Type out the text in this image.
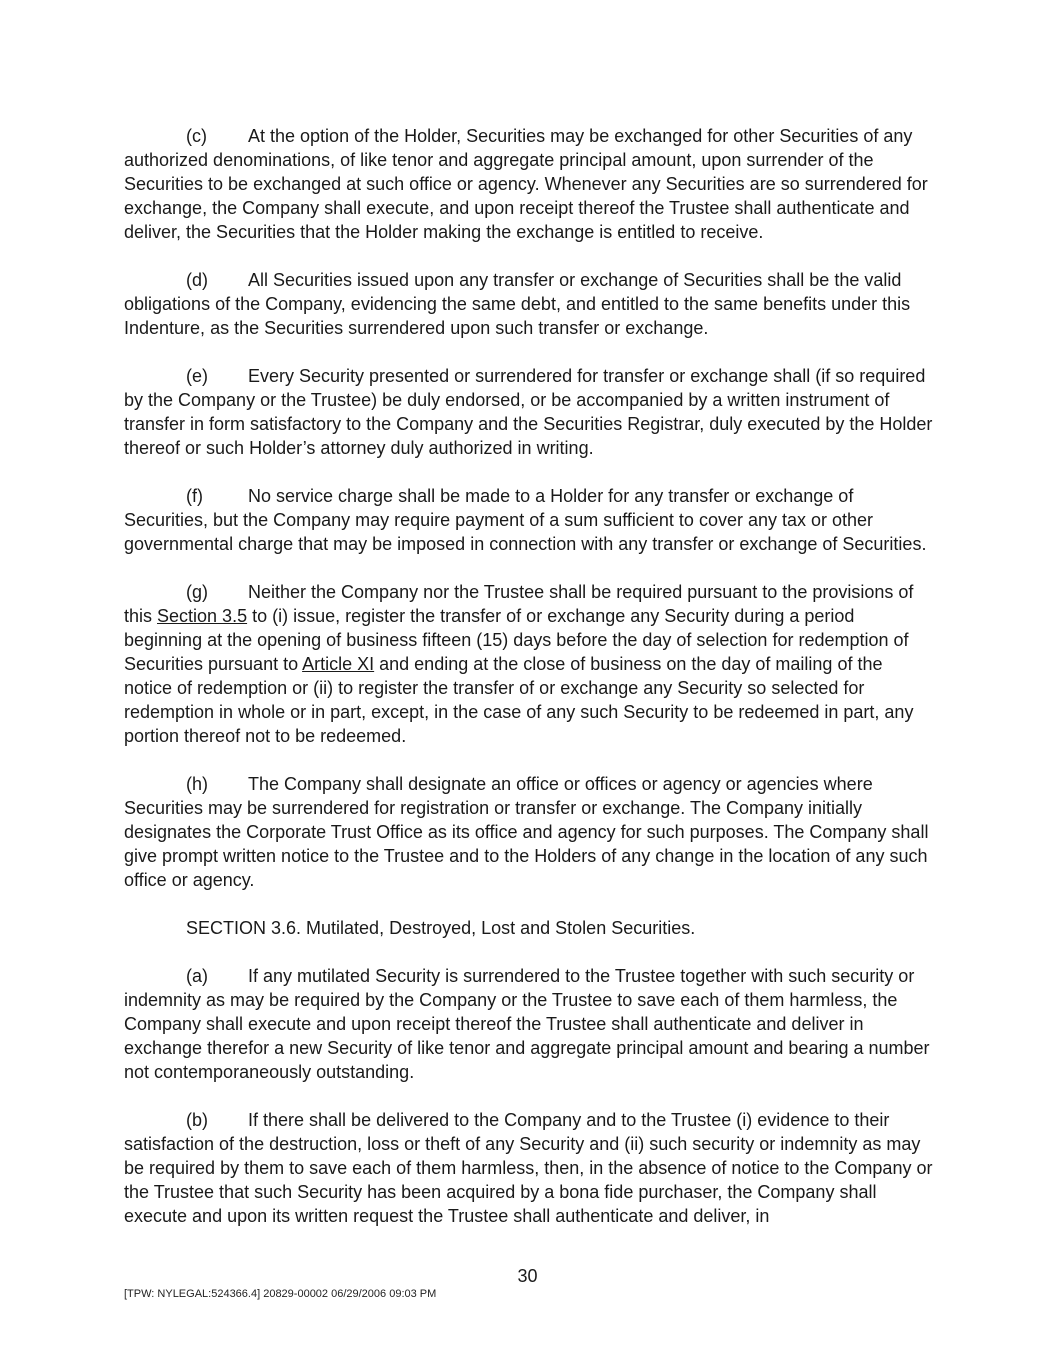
(c) At the option of the Holder, Securities may be exchanged for other Securities of any authorized denominations, of like tenor and aggregate principal amount, upon surrender of the Securities to be exchanged at such office or agency. Whenever any Securities are so surrendered for exchange, the Company shall execute, and upon receipt thereof the Trustee shall authenticate and deliver, the Securities that the Holder making the exchange is entitled to receive.

(d) All Securities issued upon any transfer or exchange of Securities shall be the valid obligations of the Company, evidencing the same debt, and entitled to the same benefits under this Indenture, as the Securities surrendered upon such transfer or exchange.

(e) Every Security presented or surrendered for transfer or exchange shall (if so required by the Company or the Trustee) be duly endorsed, or be accompanied by a written instrument of transfer in form satisfactory to the Company and the Securities Registrar, duly executed by the Holder thereof or such Holder’s attorney duly authorized in writing.

(f)	No service charge shall be made to a Holder for any transfer or exchange of Securities, but the Company may require payment of a sum sufficient to cover any tax or other governmental charge that may be imposed in connection with any transfer or exchange of Securities.

(g) Neither the Company nor the Trustee shall be required pursuant to the provisions of this Section 3.5 to (i) issue, register the transfer of or exchange any Security during a period beginning at the opening of business fifteen (15) days before the day of selection for redemption of Securities pursuant to Article XI and ending at the close of business on the day of mailing of the notice of redemption or (ii) to register the transfer of or exchange any Security so selected for redemption in whole or in part, except, in the case of any such Security to be redeemed in part, any portion thereof not to be redeemed.

(h) The Company shall designate an office or offices or agency or agencies where Securities may be surrendered for registration or transfer or exchange. The Company initially designates the Corporate Trust Office as its office and agency for such purposes. The Company shall give prompt written notice to the Trustee and to the Holders of any change in the location of any such office or agency.

SECTION 3.6. Mutilated, Destroyed, Lost and Stolen Securities.

(a) If any mutilated Security is surrendered to the Trustee together with such security or indemnity as may be required by the Company or the Trustee to save each of them harmless, the Company shall execute and upon receipt thereof the Trustee shall authenticate and deliver in exchange therefor a new Security of like tenor and aggregate principal amount and bearing a number not contemporaneously outstanding.

(b) If there shall be delivered to the Company and to the Trustee (i) evidence to their satisfaction of the destruction, loss or theft of any Security and (ii) such security or indemnity as may be required by them to save each of them harmless, then, in the absence of notice to the Company or the Trustee that such Security has been acquired by a bona fide purchaser, the Company shall execute and upon its written request the Trustee shall authenticate and deliver, in

30
[TPW: NYLEGAL:524366.4] 20829-00002 06/29/2006 09:03 PM
